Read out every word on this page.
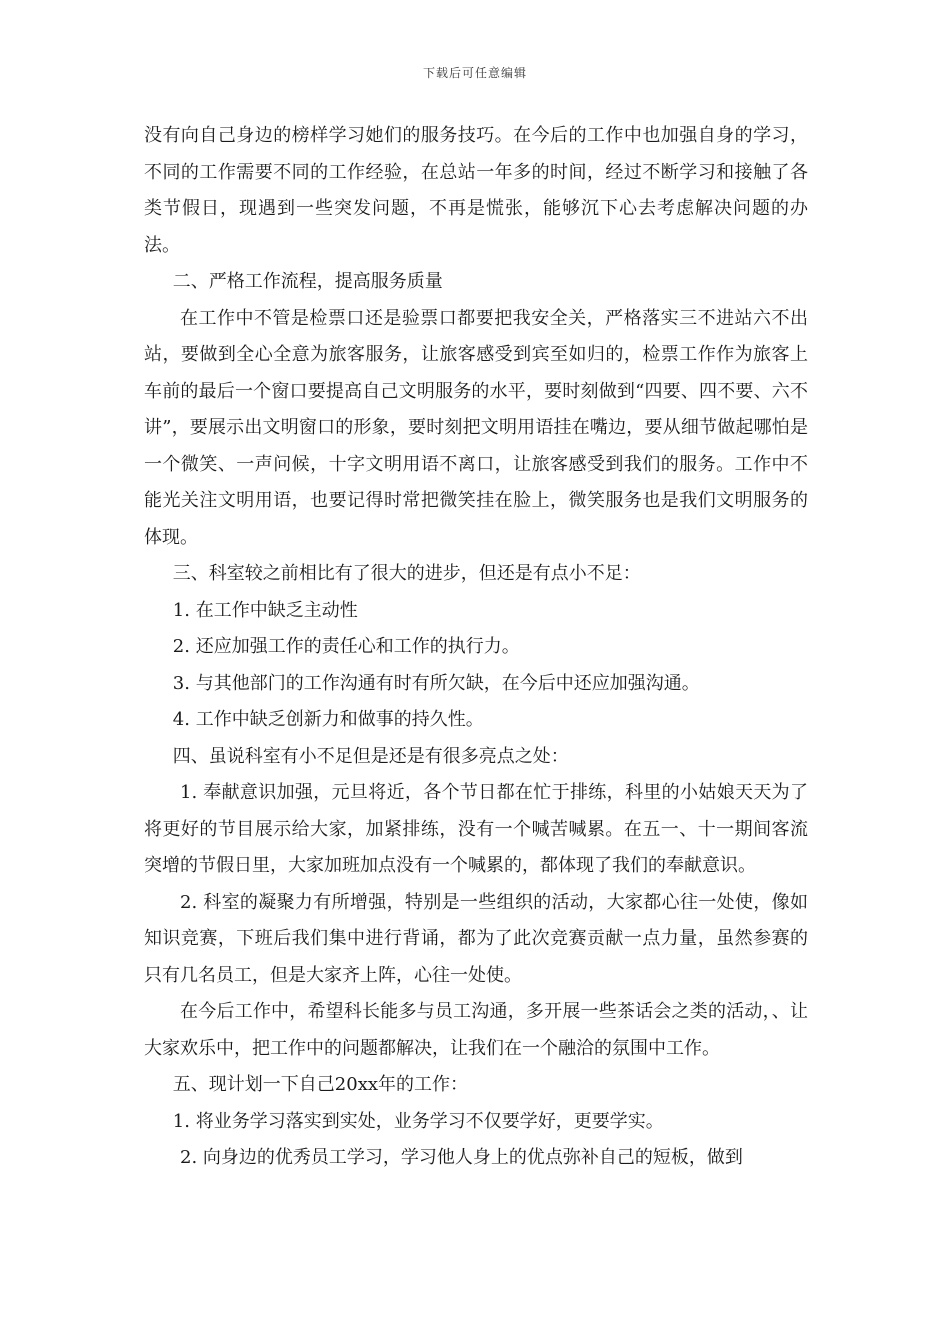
下载后可任意编辑

没有向自己身边的榜样学习她们的服务技巧。在今后的工作中也加强自身的学习，不同的工作需要不同的工作经验，在总站一年多的时间，经过不断学习和接触了各类节假日，现遇到一些突发问题，不再是慌张，能够沉下心去考虑解决问题的办法。

二、严格工作流程，提高服务质量

在工作中不管是检票口还是验票口都要把我安全关，严格落实三不进站六不出站，要做到全心全意为旅客服务，让旅客感受到宾至如归的，检票工作作为旅客上车前的最后一个窗口要提高自己文明服务的水平，要时刻做到“四要、四不要、六不讲”，要展示出文明窗口的形象，要时刻把文明用语挂在嘴边，要从细节做起哪怕是一个微笑、一声问候，十字文明用语不离口，让旅客感受到我们的服务。工作中不能光关注文明用语，也要记得时常把微笑挂在脸上，微笑服务也是我们文明服务的体现。

三、科室较之前相比有了很大的进步，但还是有点小不足：

1. 在工作中缺乏主动性

2. 还应加强工作的责任心和工作的执行力。

3. 与其他部门的工作沟通有时有所欠缺，在今后中还应加强沟通。

4. 工作中缺乏创新力和做事的持久性。

四、虽说科室有小不足但是还是有很多亮点之处：

1. 奉献意识加强，元旦将近，各个节日都在忙于排练，科里的小姑娘天天为了将更好的节目展示给大家，加紧排练，没有一个喊苦喊累。在五一、十一期间客流突增的节假日里，大家加班加点没有一个喊累的，都体现了我们的奉献意识。

2. 科室的凝聚力有所增强，特别是一些组织的活动，大家都心往一处使，像如知识竞赛，下班后我们集中进行背诵，都为了此次竞赛贡献一点力量，虽然参赛的只有几名员工，但是大家齐上阵，心往一处使。

在今后工作中，希望科长能多与员工沟通，多开展一些茶话会之类的活动，、让大家欢乐中，把工作中的问题都解决，让我们在一个融洽的氛围中工作。

五、现计划一下自己20xx年的工作：

1. 将业务学习落实到实处，业务学习不仅要学好，更要学实。

2. 向身边的优秀员工学习，学习他人身上的优点弥补自己的短板，做到
